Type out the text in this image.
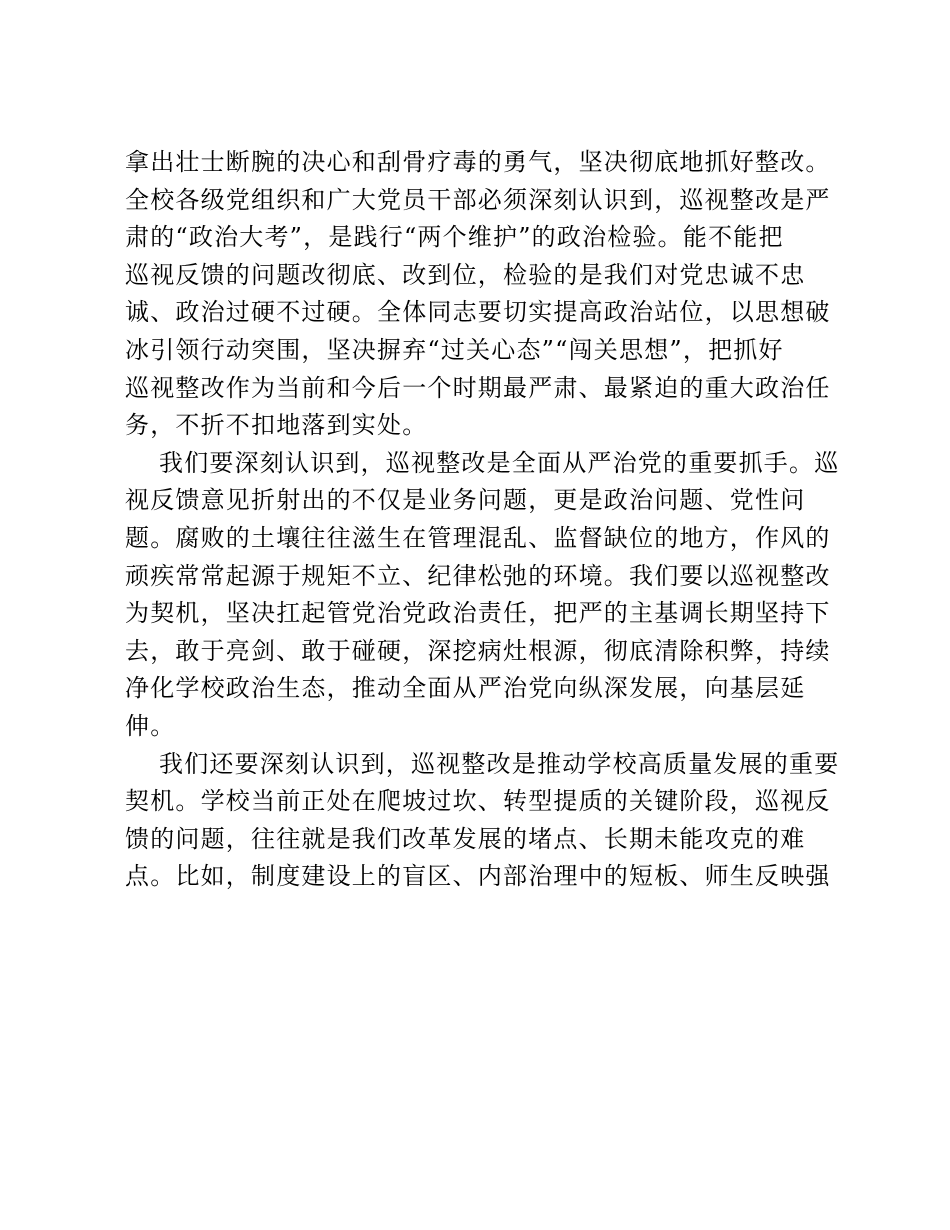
拿出壮士断腕的决心和刮骨疗毒的勇气，坚决彻底地抓好整改。
全校各级党组织和广大党员干部必须深刻认识到，巡视整改是严
肃的“政治大考”，是践行“两个维护”的政治检验。能不能把
巡视反馈的问题改彻底、改到位，检验的是我们对党忠诚不忠
诚、政治过硬不过硬。全体同志要切实提高政治站位，以思想破
冰引领行动突围，坚决摒弃“过关心态”“闯关思想”，把抓好
巡视整改作为当前和今后一个时期最严肃、最紧迫的重大政治任
务，不折不扣地落到实处。
我们要深刻认识到，巡视整改是全面从严治党的重要抓手。巡
视反馈意见折射出的不仅是业务问题，更是政治问题、党性问
题。腐败的土壤往往滋生在管理混乱、监督缺位的地方，作风的
顽疾常常起源于规矩不立、纪律松弛的环境。我们要以巡视整改
为契机，坚决扛起管党治党政治责任，把严的主基调长期坚持下
去，敢于亮剑、敢于碰硬，深挖病灶根源，彻底清除积弊，持续
净化学校政治生态，推动全面从严治党向纵深发展，向基层延
伸。
我们还要深刻认识到，巡视整改是推动学校高质量发展的重要
契机。学校当前正处在爬坡过坎、转型提质的关键阶段，巡视反
馈的问题，往往就是我们改革发展的堵点、长期未能攻克的难
点。比如，制度建设上的盲区、内部治理中的短板、师生反映强
